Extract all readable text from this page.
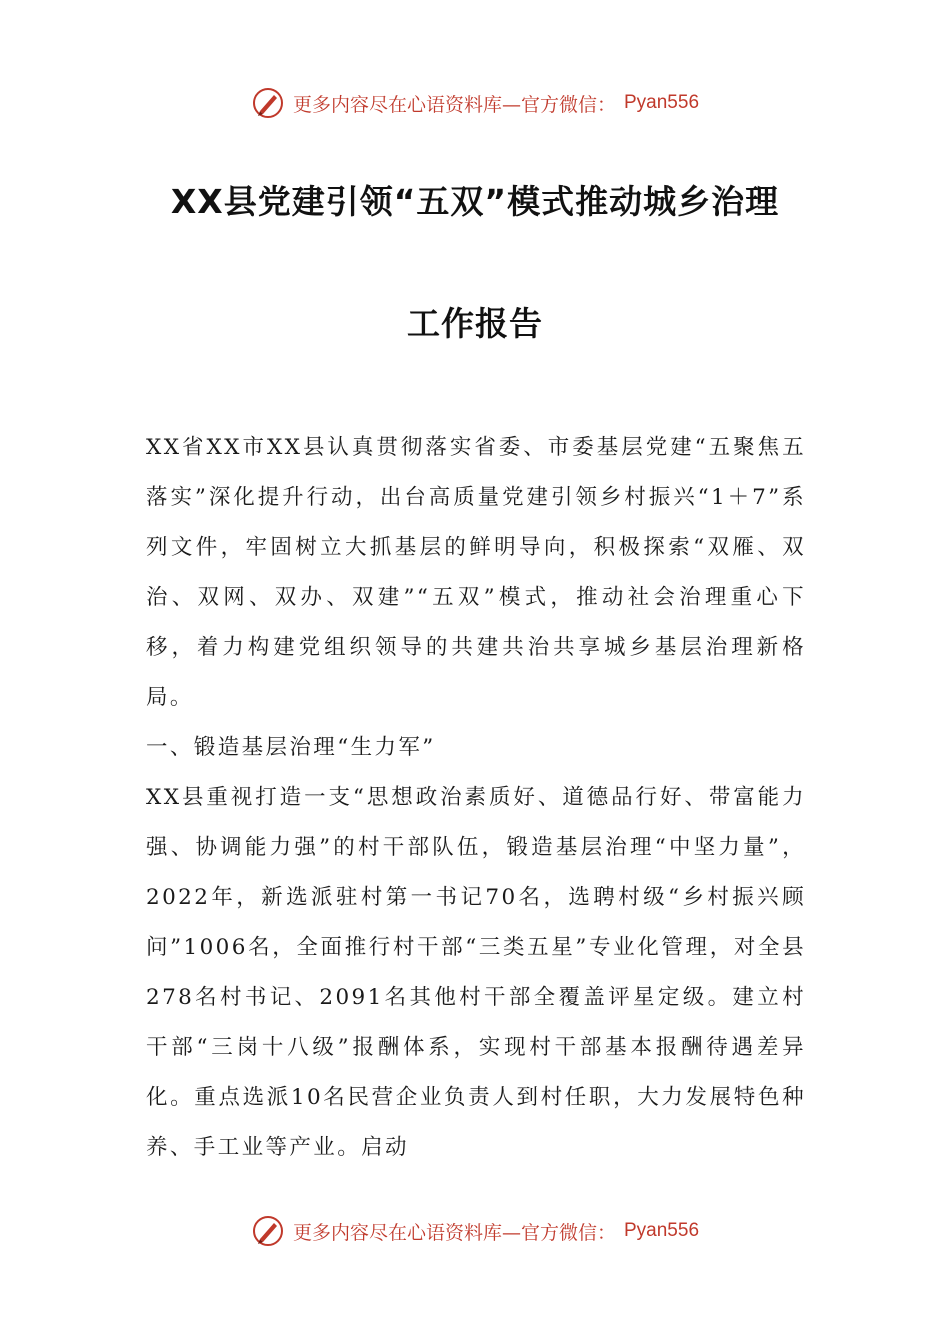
更多内容尽在心语资料库—官方微信： Pyan556
XX县党建引领“五双”模式推动城乡治理
工作报告

XX省XX市XX县认真贯彻落实省委、市委基层党建“五聚焦五落实”深化提升行动，出台高质量党建引领乡村振兴“1＋7”系列文件，牢固树立大抓基层的鲜明导向，积极探索“双雁、双治、双网、双办、双建”“五双”模式，推动社会治理重心下移，着力构建党组织领导的共建共治共享城乡基层治理新格局。

一、锻造基层治理“生力军”

XX县重视打造一支“思想政治素质好、道德品行好、带富能力强、协调能力强”的村干部队伍，锻造基层治理“中坚力量”，2022年，新选派驻村第一书记70名，选聘村级“乡村振兴顾问”1006名，全面推行村干部“三类五星”专业化管理，对全县278名村书记、2091名其他村干部全覆盖评星定级。建立村干部“三岗十八级”报酬体系，实现村干部基本报酬待遇差异化。重点选派10名民营企业负责人到村任职，大力发展特色种养、手工业等产业。启动

更多内容尽在心语资料库—官方微信： Pyan556
